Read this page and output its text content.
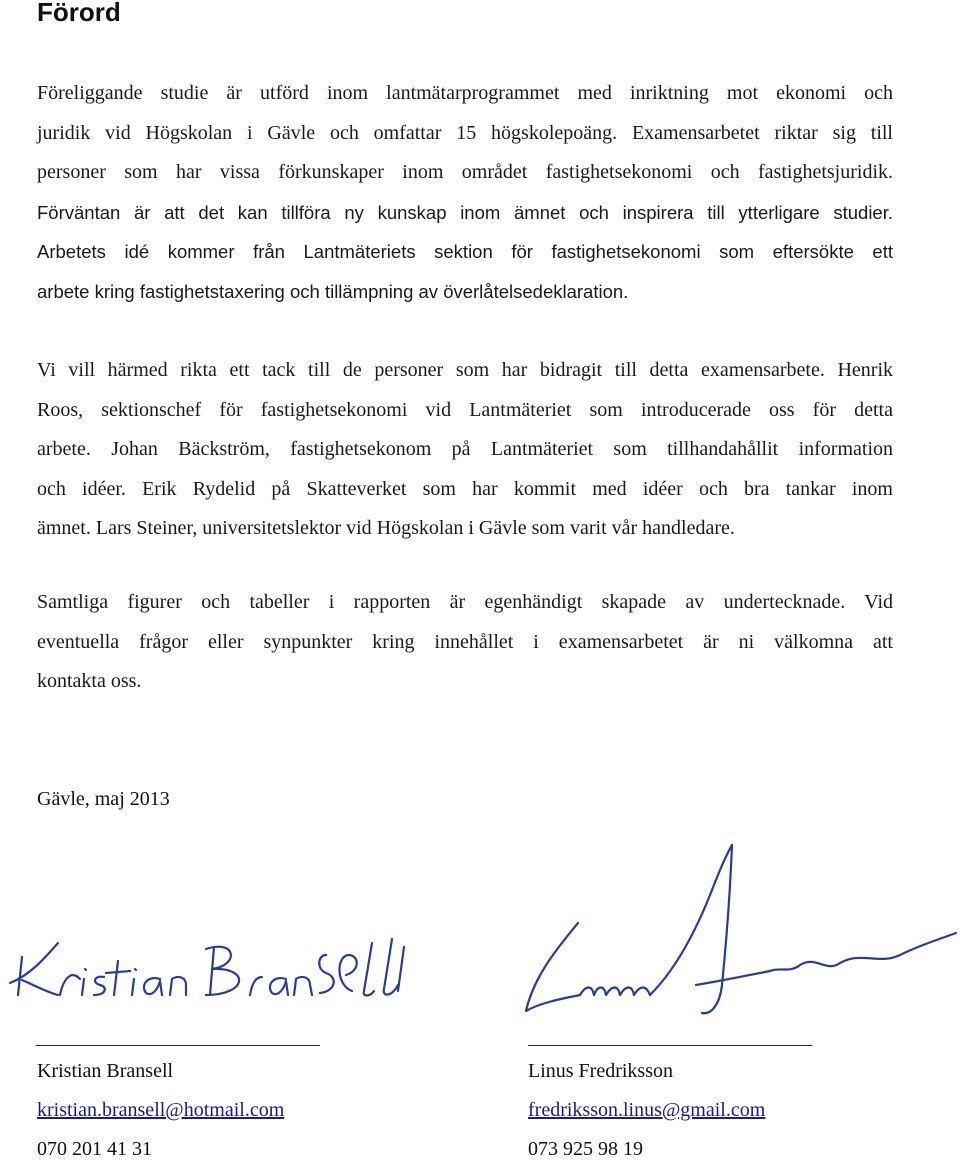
Förord
Föreliggande studie är utförd inom lantmätarprogrammet med inriktning mot ekonomi och
juridik vid Högskolan i Gävle och omfattar 15 högskolepoäng. Examensarbetet riktar sig till
personer som har vissa förkunskaper inom området fastighetsekonomi och fastighetsjuridik.
Förväntan är att det kan tillföra ny kunskap inom ämnet och inspirera till ytterligare studier.
Arbetets idé kommer från Lantmäteriets sektion för fastighetsekonomi som eftersökte ett
arbete kring fastighetstaxering och tillämpning av överlåtelsedeklaration.
Vi vill härmed rikta ett tack till de personer som har bidragit till detta examensarbete. Henrik
Roos, sektionschef för fastighetsekonomi vid Lantmäteriet som introducerade oss för detta
arbete. Johan Bäckström, fastighetsekonom på Lantmäteriet som tillhandahållit information
och idéer. Erik Rydelid på Skatteverket som har kommit med idéer och bra tankar inom
ämnet. Lars Steiner, universitetslektor vid Högskolan i Gävle som varit vår handledare.
Samtliga figurer och tabeller i rapporten är egenhändigt skapade av undertecknade. Vid
eventuella frågor eller synpunkter kring innehållet i examensarbetet är ni välkomna att
kontakta oss.

Gävle, maj 2013

Kristian Bransell
kristian.bransell@hotmail.com
070 201 41 31
Linus Fredriksson
fredriksson.linus@gmail.com
073 925 98 19
